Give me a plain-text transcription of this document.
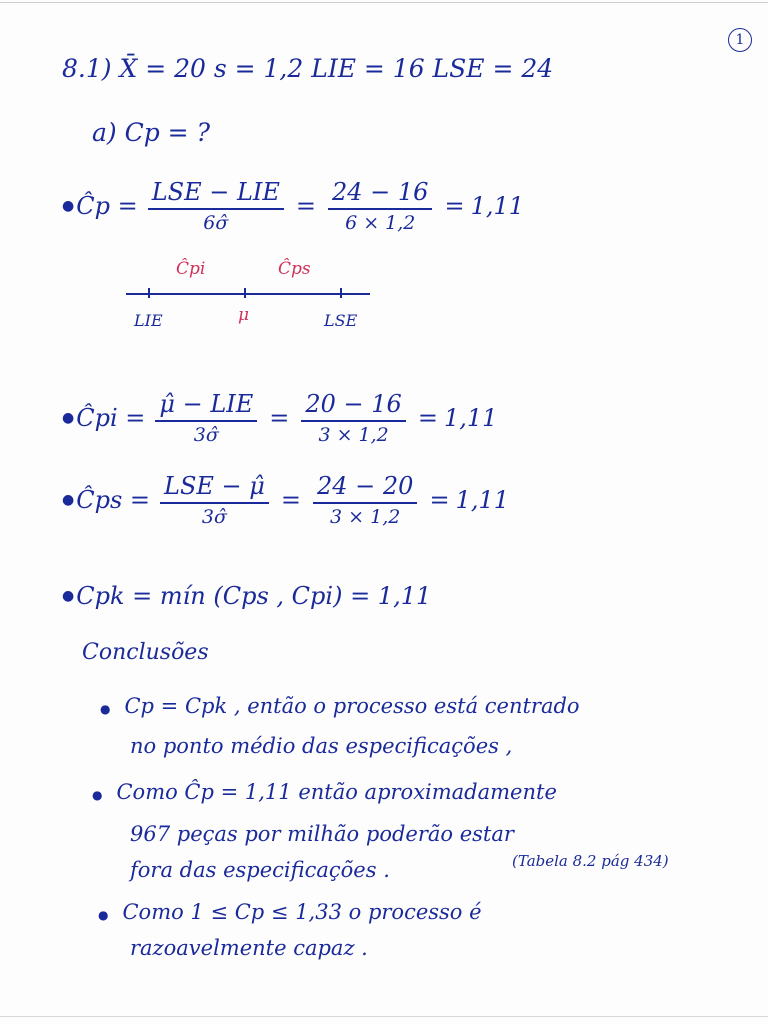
1
8.1) X̄ = 20 s = 1,2 LIE = 16 LSE = 24
a) Cp = ?
● Ĉp = $\frac{\text{LSE − LIE}}{6\sigmâ} = \frac{24 - 16}{6 \times 1,2} = 1,11$
Ĉpi	Ĉps
LIE	μ	LSE
● Ĉpi = $\frac{\text{μ̂ − LIE}}{3\sigmâ} = \frac{20 - 16}{3 \times 1,2} = 1,11$
● Ĉps = $\frac{\text{LSE − μ̂}}{3\sigmâ} = \frac{24 - 20}{3 \times 1,2} = 1,11$
● Cpk = mín (Cps , Cpi) = 1,11
Conclusões
● Cp = Cpk , então o processo está centrado
no ponto médio das especificações ,
● Como Ĉp = 1,11 então aproximadamente
967 peças por milhão poderão estar
fora das especificações .	(Tabela 8.2 pág 434)
● Como 1 ≤ Cp ≤ 1,33 o processo é
razoavelmente capaz .
